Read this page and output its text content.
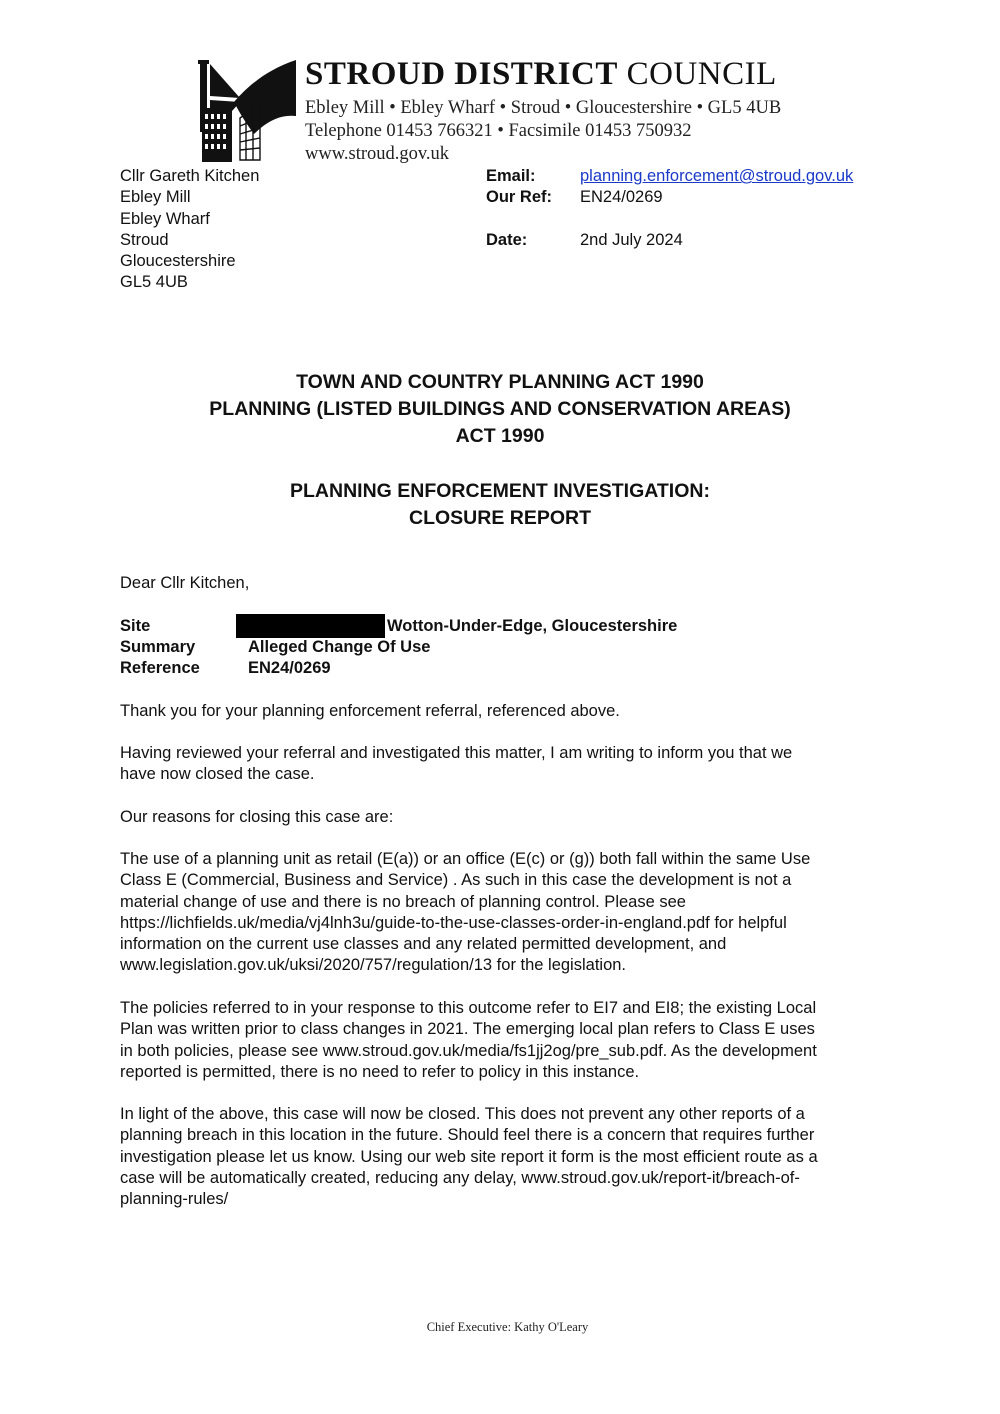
STROUD DISTRICT COUNCIL
Ebley Mill • Ebley Wharf • Stroud • Gloucestershire • GL5 4UB
Telephone 01453 766321 • Facsimile 01453 750932
www.stroud.gov.uk
Cllr Gareth Kitchen
Ebley Mill
Ebley Wharf
Stroud
Gloucestershire
GL5 4UB
Email:	planning.enforcement@stroud.gov.uk
Our Ref: EN24/0269
Date:	2nd July 2024
TOWN AND COUNTRY PLANNING ACT 1990
PLANNING (LISTED BUILDINGS AND CONSERVATION AREAS)
ACT 1990
PLANNING ENFORCEMENT INVESTIGATION:
CLOSURE REPORT
Dear Cllr Kitchen,
Site	Wotton-Under-Edge, Gloucestershire
Summary	Alleged Change Of Use
Reference	EN24/0269
Thank you for your planning enforcement referral, referenced above.
Having reviewed your referral and investigated this matter, I am writing to inform you that we
have now closed the case.
Our reasons for closing this case are:
The use of a planning unit as retail (E(a)) or an office (E(c) or (g)) both fall within the same Use
Class E (Commercial, Business and Service) . As such in this case the development is not a
material change of use and there is no breach of planning control. Please see
https://lichfields.uk/media/vj4lnh3u/guide-to-the-use-classes-order-in-england.pdf for helpful
information on the current use classes and any related permitted development, and
www.legislation.gov.uk/uksi/2020/757/regulation/13 for the legislation.
The policies referred to in your response to this outcome refer to EI7 and EI8; the existing Local
Plan was written prior to class changes in 2021. The emerging local plan refers to Class E uses
in both policies, please see www.stroud.gov.uk/media/fs1jj2og/pre_sub.pdf. As the development
reported is permitted, there is no need to refer to policy in this instance.
In light of the above, this case will now be closed. This does not prevent any other reports of a
planning breach in this location in the future. Should feel there is a concern that requires further
investigation please let us know. Using our web site report it form is the most efficient route as a
case will be automatically created, reducing any delay, www.stroud.gov.uk/report-it/breach-of-
planning-rules/
Chief Executive: Kathy O'Leary
